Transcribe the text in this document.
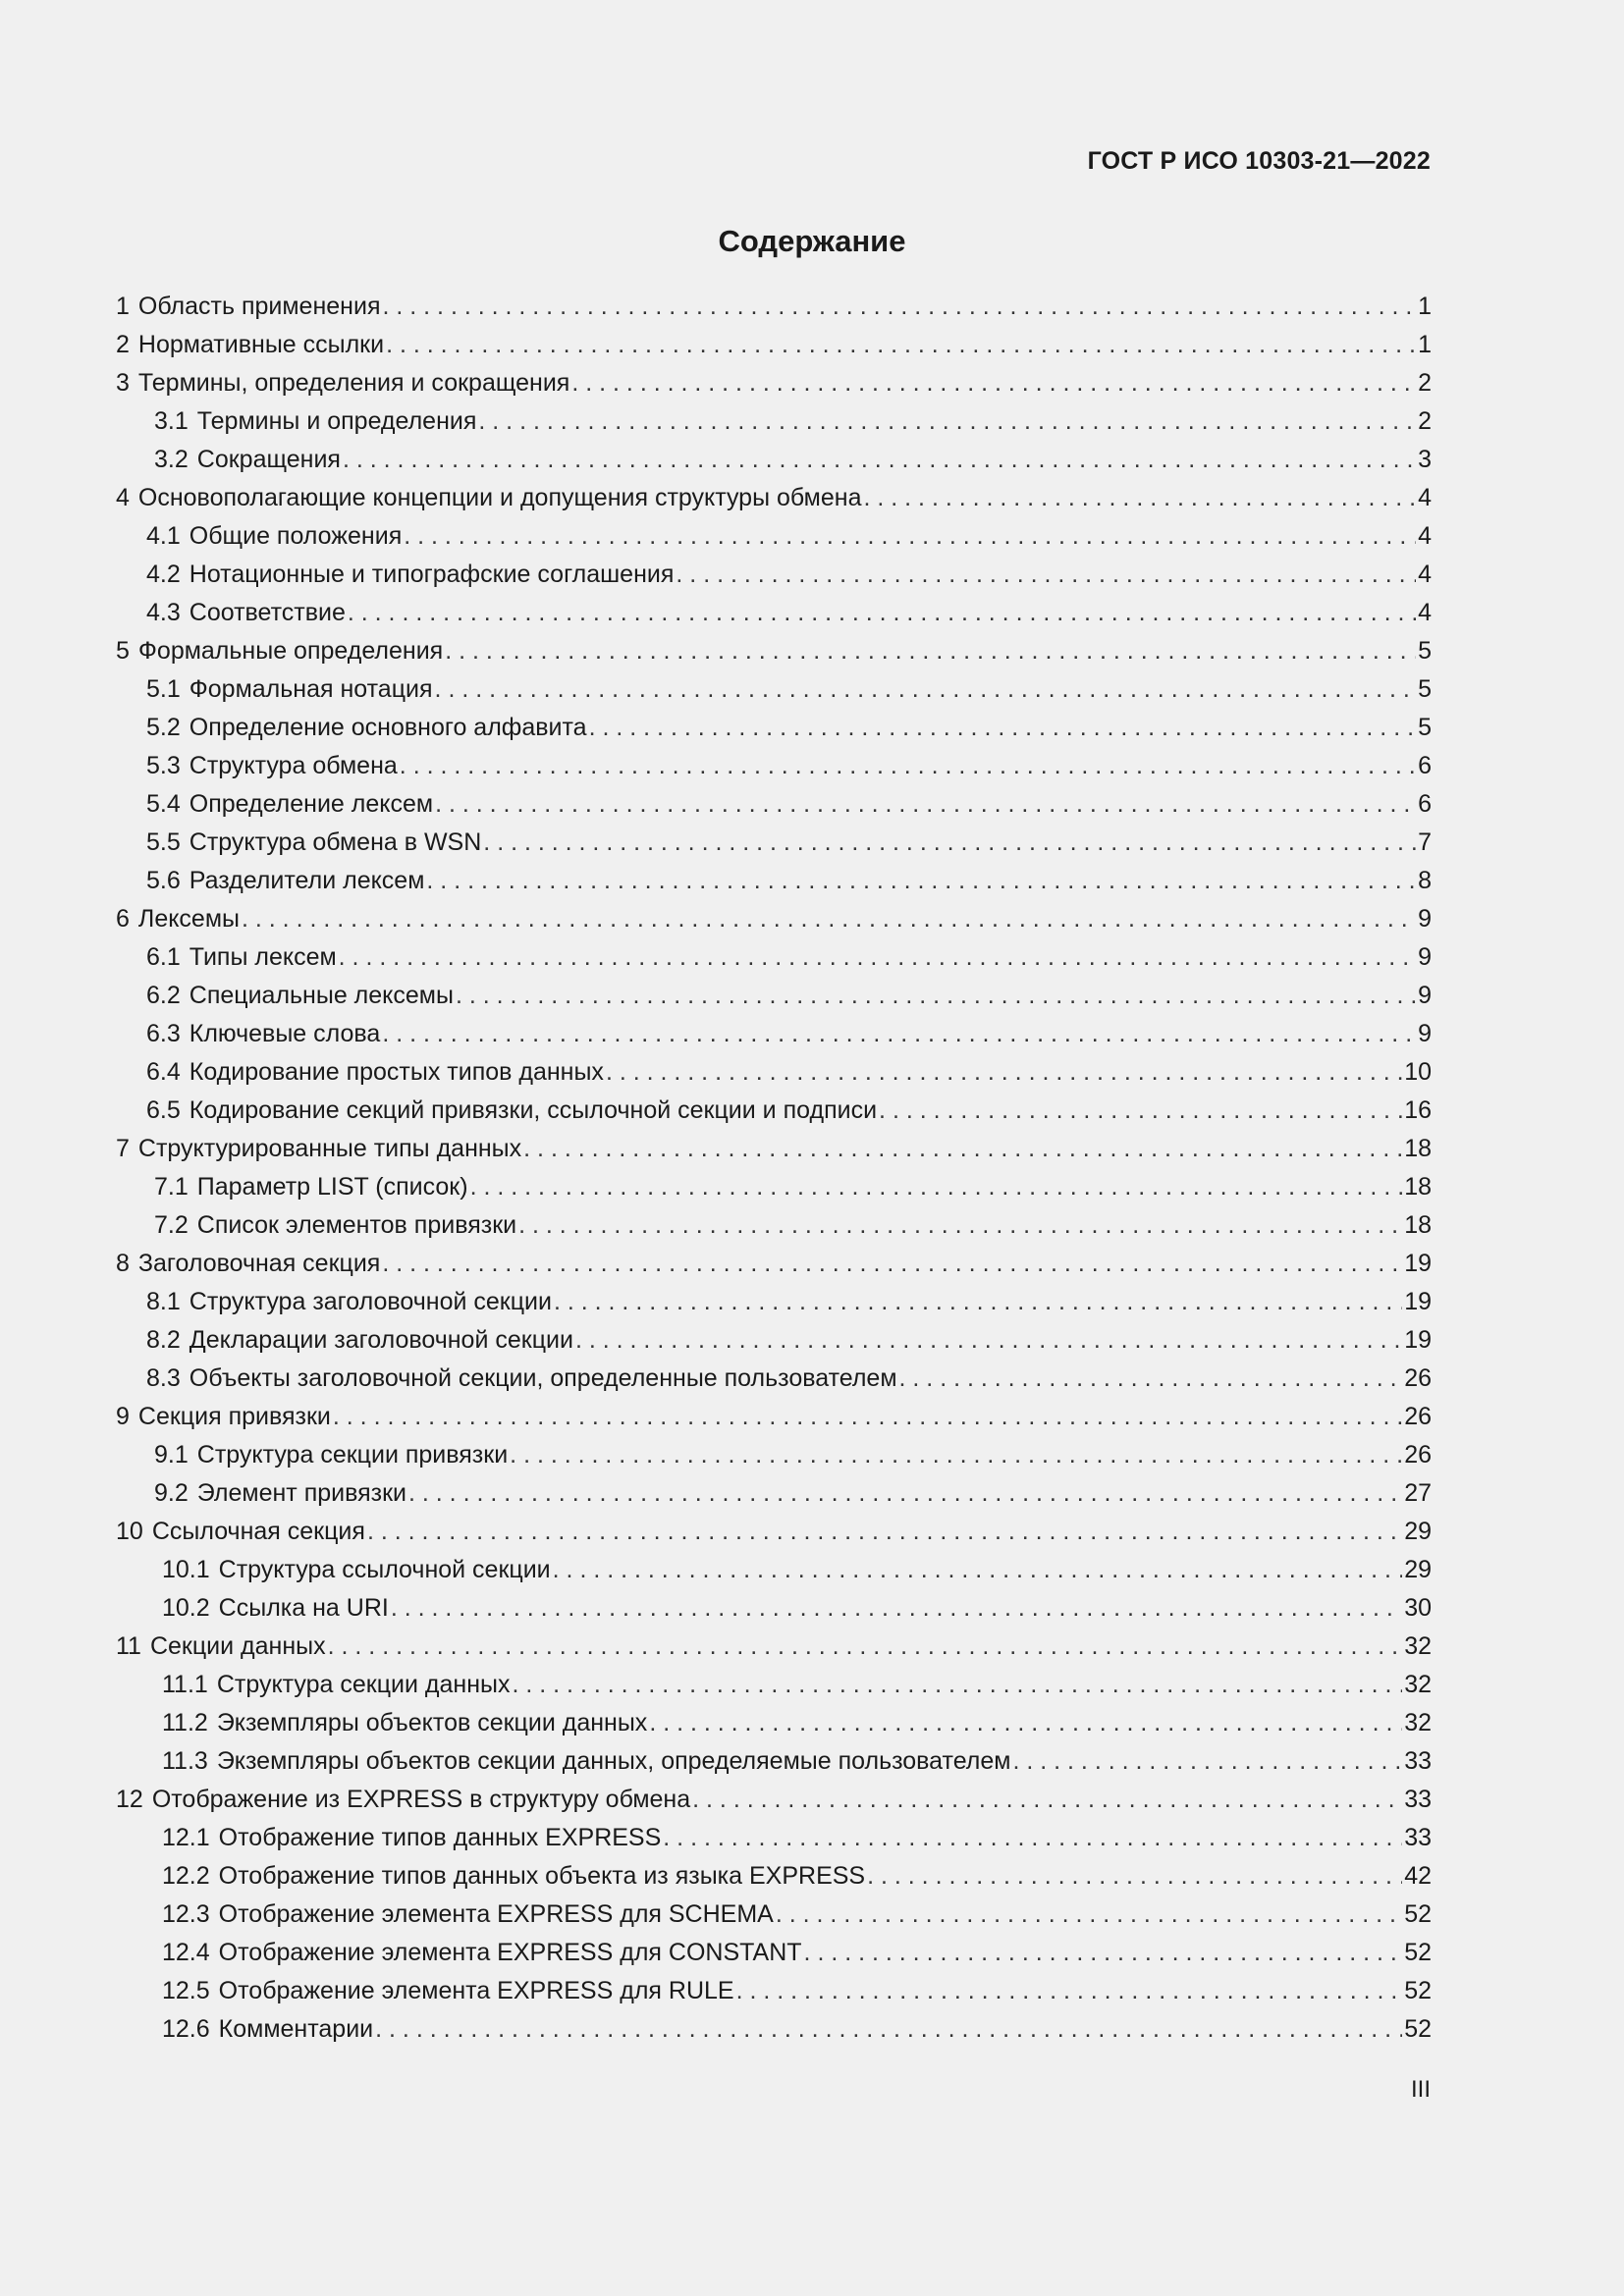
ГОСТ Р ИСО 10303-21—2022
Содержание
1 Область применения . . .	1
2 Нормативные ссылки . . .	1
3 Термины, определения и сокращения . . .	2
3.1 Термины и определения . . .	2
3.2 Сокращения . . .	3
4 Основополагающие концепции и допущения структуры обмена . . .	4
4.1 Общие положения . . .	4
4.2 Нотационные и типографские соглашения . . .	4
4.3 Соответствие . . .	4
5 Формальные определения . . .	5
5.1 Формальная нотация . . .	5
5.2 Определение основного алфавита . . .	5
5.3 Структура обмена . . .	6
5.4 Определение лексем . . .	6
5.5 Структура обмена в WSN . . .	7
5.6 Разделители лексем . . .	8
6 Лексемы . . .	9
6.1 Типы лексем . . .	9
6.2 Специальные лексемы . . .	9
6.3 Ключевые слова . . .	9
6.4 Кодирование простых типов данных . . .	10
6.5 Кодирование секций привязки, ссылочной секции и подписи . . .	16
7 Структурированные типы данных . . .	18
7.1 Параметр LIST (список) . . .	18
7.2 Список элементов привязки . . .	18
8 Заголовочная секция . . .	19
8.1 Структура заголовочной секции . . .	19
8.2 Декларации заголовочной секции . . .	19
8.3 Объекты заголовочной секции, определенные пользователем . . .	26
9 Секция привязки . . .	26
9.1 Структура секции привязки . . .	26
9.2 Элемент привязки . . .	27
10 Ссылочная секция . . .	29
10.1 Структура ссылочной секции . . .	29
10.2 Ссылка на URI . . .	30
11 Секции данных . . .	32
11.1 Структура секции данных . . .	32
11.2 Экземпляры объектов секции данных . . .	32
11.3 Экземпляры объектов секции данных, определяемые пользователем . . .	33
12 Отображение из EXPRESS в структуру обмена . . .	33
12.1 Отображение типов данных EXPRESS . . .	33
12.2 Отображение типов данных объекта из языка EXPRESS . . .	42
12.3 Отображение элемента EXPRESS для SCHEMA . . .	52
12.4 Отображение элемента EXPRESS для CONSTANT . . .	52
12.5 Отображение элемента EXPRESS для RULE . . .	52
12.6 Комментарии . . .	52
III
